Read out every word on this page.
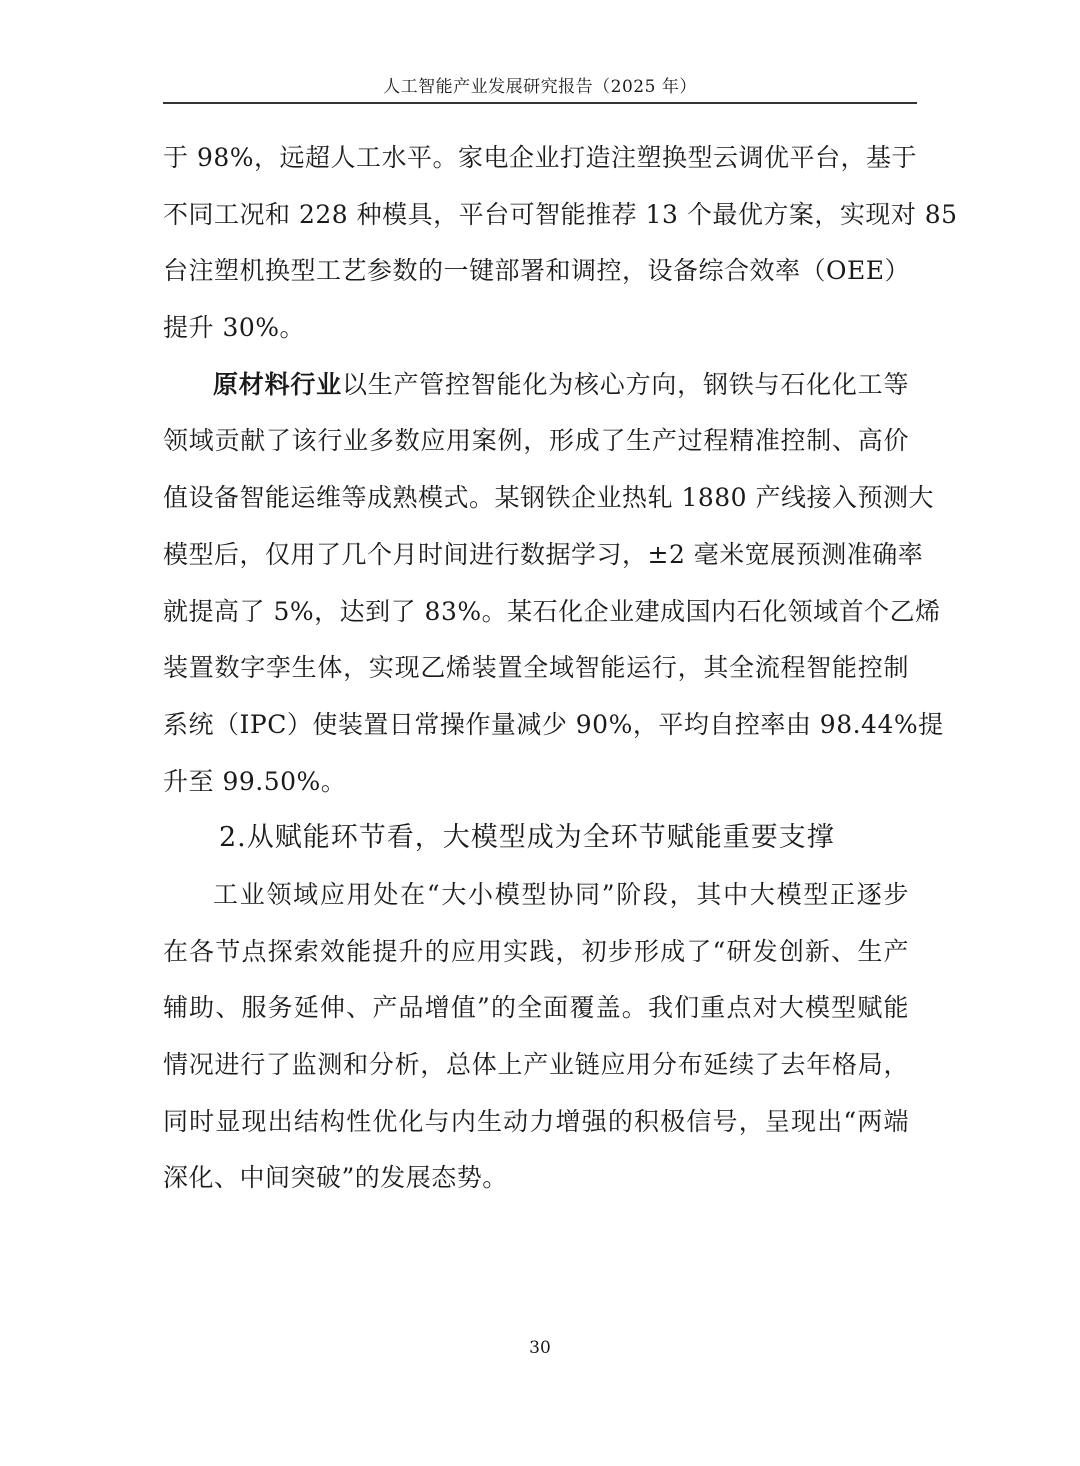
人工智能产业发展研究报告（2025 年）
于 98%，远超人工水平。家电企业打造注塑换型云调优平台，基于
不同工况和 228 种模具，平台可智能推荐 13 个最优方案，实现对 85
台注塑机换型工艺参数的一键部署和调控，设备综合效率（OEE）
提升 30%。
原材料行业以生产管控智能化为核心方向，钢铁与石化化工等
领域贡献了该行业多数应用案例，形成了生产过程精准控制、高价
值设备智能运维等成熟模式。某钢铁企业热轧 1880 产线接入预测大
模型后，仅用了几个月时间进行数据学习，±2 毫米宽展预测准确率
就提高了 5%，达到了 83%。某石化企业建成国内石化领域首个乙烯
装置数字孪生体，实现乙烯装置全域智能运行，其全流程智能控制
系统（IPC）使装置日常操作量减少 90%，平均自控率由 98.44%提
升至 99.50%。
2.从赋能环节看，大模型成为全环节赋能重要支撑
工业领域应用处在“大小模型协同”阶段，其中大模型正逐步
在各节点探索效能提升的应用实践，初步形成了“研发创新、生产
辅助、服务延伸、产品增值”的全面覆盖。我们重点对大模型赋能
情况进行了监测和分析，总体上产业链应用分布延续了去年格局，
同时显现出结构性优化与内生动力增强的积极信号，呈现出“两端
深化、中间突破”的发展态势。
30
